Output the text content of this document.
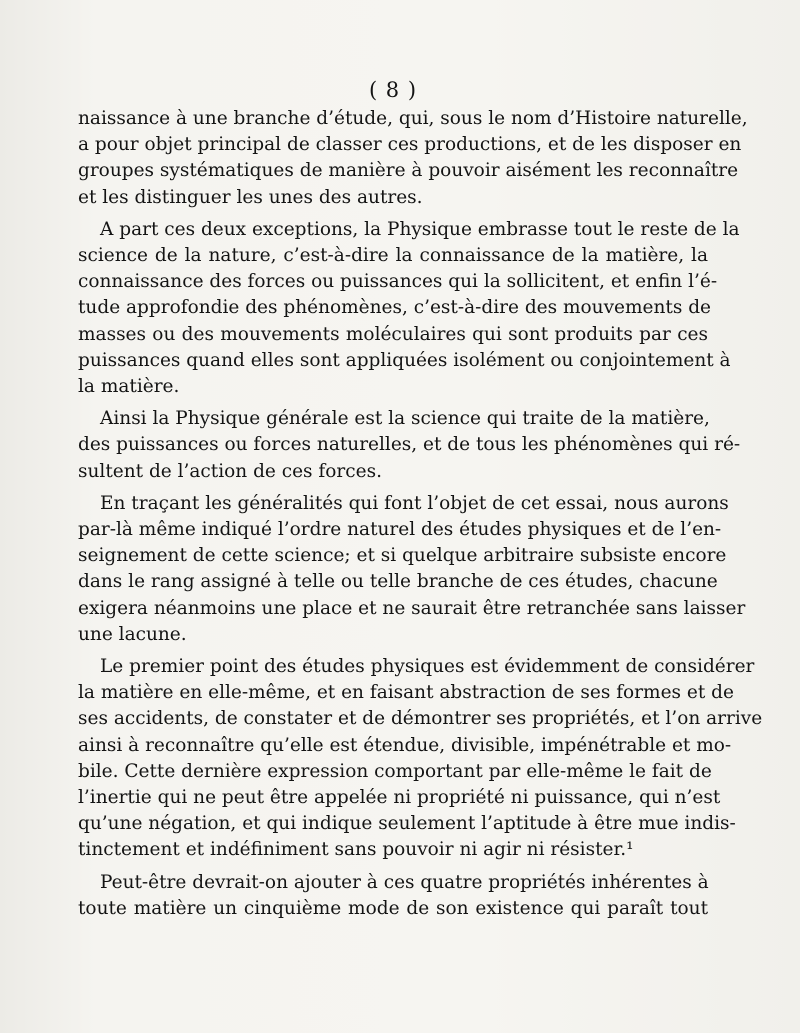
( 8 )

naissance à une branche d’étude, qui, sous le nom d’Histoire naturelle,
a pour objet principal de classer ces productions, et de les disposer en
groupes systématiques de manière à pouvoir aisément les reconnaître
et les distinguer les unes des autres.

A part ces deux exceptions, la Physique embrasse tout le reste de la
science de la nature, c’est-à-dire la connaissance de la matière, la
connaissance des forces ou puissances qui la sollicitent, et enfin l’é-
tude approfondie des phénomènes, c’est-à-dire des mouvements de
masses ou des mouvements moléculaires qui sont produits par ces
puissances quand elles sont appliquées isolément ou conjointement à
la matière.

Ainsi la Physique générale est la science qui traite de la matière,
des puissances ou forces naturelles, et de tous les phénomènes qui ré-
sultent de l’action de ces forces.

En traçant les généralités qui font l’objet de cet essai, nous aurons
par-là même indiqué l’ordre naturel des études physiques et de l’en-
seignement de cette science; et si quelque arbitraire subsiste encore
dans le rang assigné à telle ou telle branche de ces études, chacune
exigera néanmoins une place et ne saurait être retranchée sans laisser
une lacune.

Le premier point des études physiques est évidemment de considérer
la matière en elle-même, et en faisant abstraction de ses formes et de
ses accidents, de constater et de démontrer ses propriétés, et l’on arrive
ainsi à reconnaître qu’elle est étendue, divisible, impénétrable et mo-
bile. Cette dernière expression comportant par elle-même le fait de
l’inertie qui ne peut être appelée ni propriété ni puissance, qui n’est
qu’une négation, et qui indique seulement l’aptitude à être mue indis-
tinctement et indéfiniment sans pouvoir ni agir ni résister.¹

Peut-être devrait-on ajouter à ces quatre propriétés inhérentes à
toute matière un cinquième mode de son existence qui paraît tout
